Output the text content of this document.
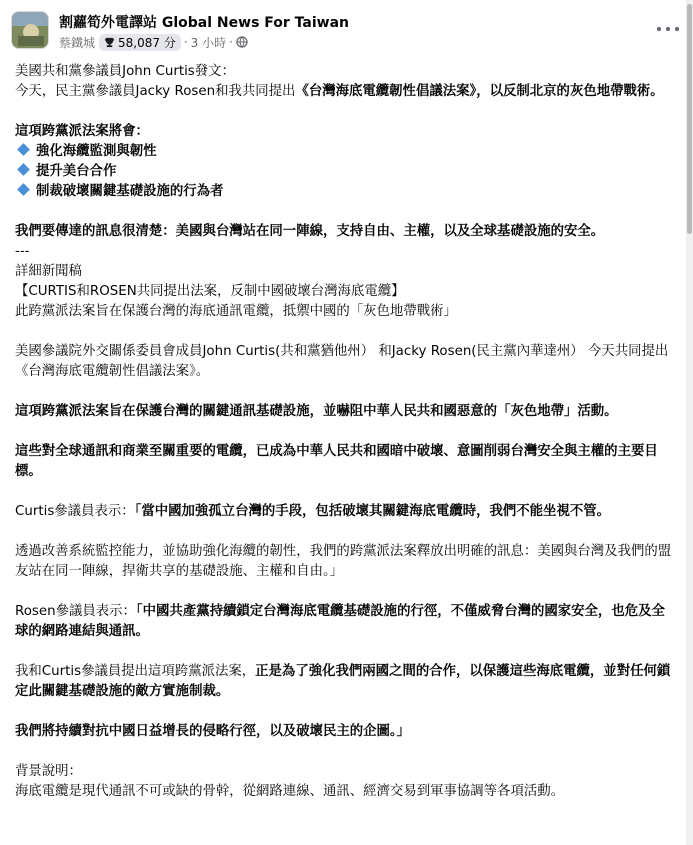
割蘿筍外電譯站 Global News For Taiwan
蔡鐵城 58,087 分 · 3 小時 ·

美國共和黨參議員John Curtis發文：

今天，民主黨參議員Jacky Rosen和我共同提出《台灣海底電纜韌性倡議法案》，以反制北京的灰色地帶戰術。

這項跨黨派法案將會：

強化海纜監測與韌性

提升美台合作

制裁破壞關鍵基礎設施的行為者

我們要傳達的訊息很清楚：美國與台灣站在同一陣線，支持自由、主權，以及全球基礎設施的安全。

---

詳細新聞稿

【CURTIS和ROSEN共同提出法案，反制中國破壞台灣海底電纜】

此跨黨派法案旨在保護台灣的海底通訊電纜，抵禦中國的「灰色地帶戰術」

美國參議院外交關係委員會成員John Curtis(共和黨猶他州） 和Jacky Rosen(民主黨內華達州） 今天共同提出《台灣海底電纜韌性倡議法案》。

這項跨黨派法案旨在保護台灣的關鍵通訊基礎設施，並嚇阻中華人民共和國惡意的「灰色地帶」活動。

這些對全球通訊和商業至關重要的電纜，已成為中華人民共和國暗中破壞、意圖削弱台灣安全與主權的主要目標。

Curtis參議員表示：「當中國加強孤立台灣的手段，包括破壞其關鍵海底電纜時，我們不能坐視不管。

透過改善系統監控能力，並協助強化海纜的韌性，我們的跨黨派法案釋放出明確的訊息：美國與台灣及我們的盟友站在同一陣線，捍衛共享的基礎設施、主權和自由。」

Rosen參議員表示：「中國共產黨持續鎖定台灣海底電纜基礎設施的行徑，不僅威脅台灣的國家安全，也危及全球的網路連結與通訊。

我和Curtis參議員提出這項跨黨派法案，正是為了強化我們兩國之間的合作，以保護這些海底電纜，並對任何鎖定此關鍵基礎設施的敵方實施制裁。

我們將持續對抗中國日益增長的侵略行徑，以及破壞民主的企圖。」

背景說明：

海底電纜是現代通訊不可或缺的骨幹，從網路連線、通訊、經濟交易到軍事協調等各項活動。
